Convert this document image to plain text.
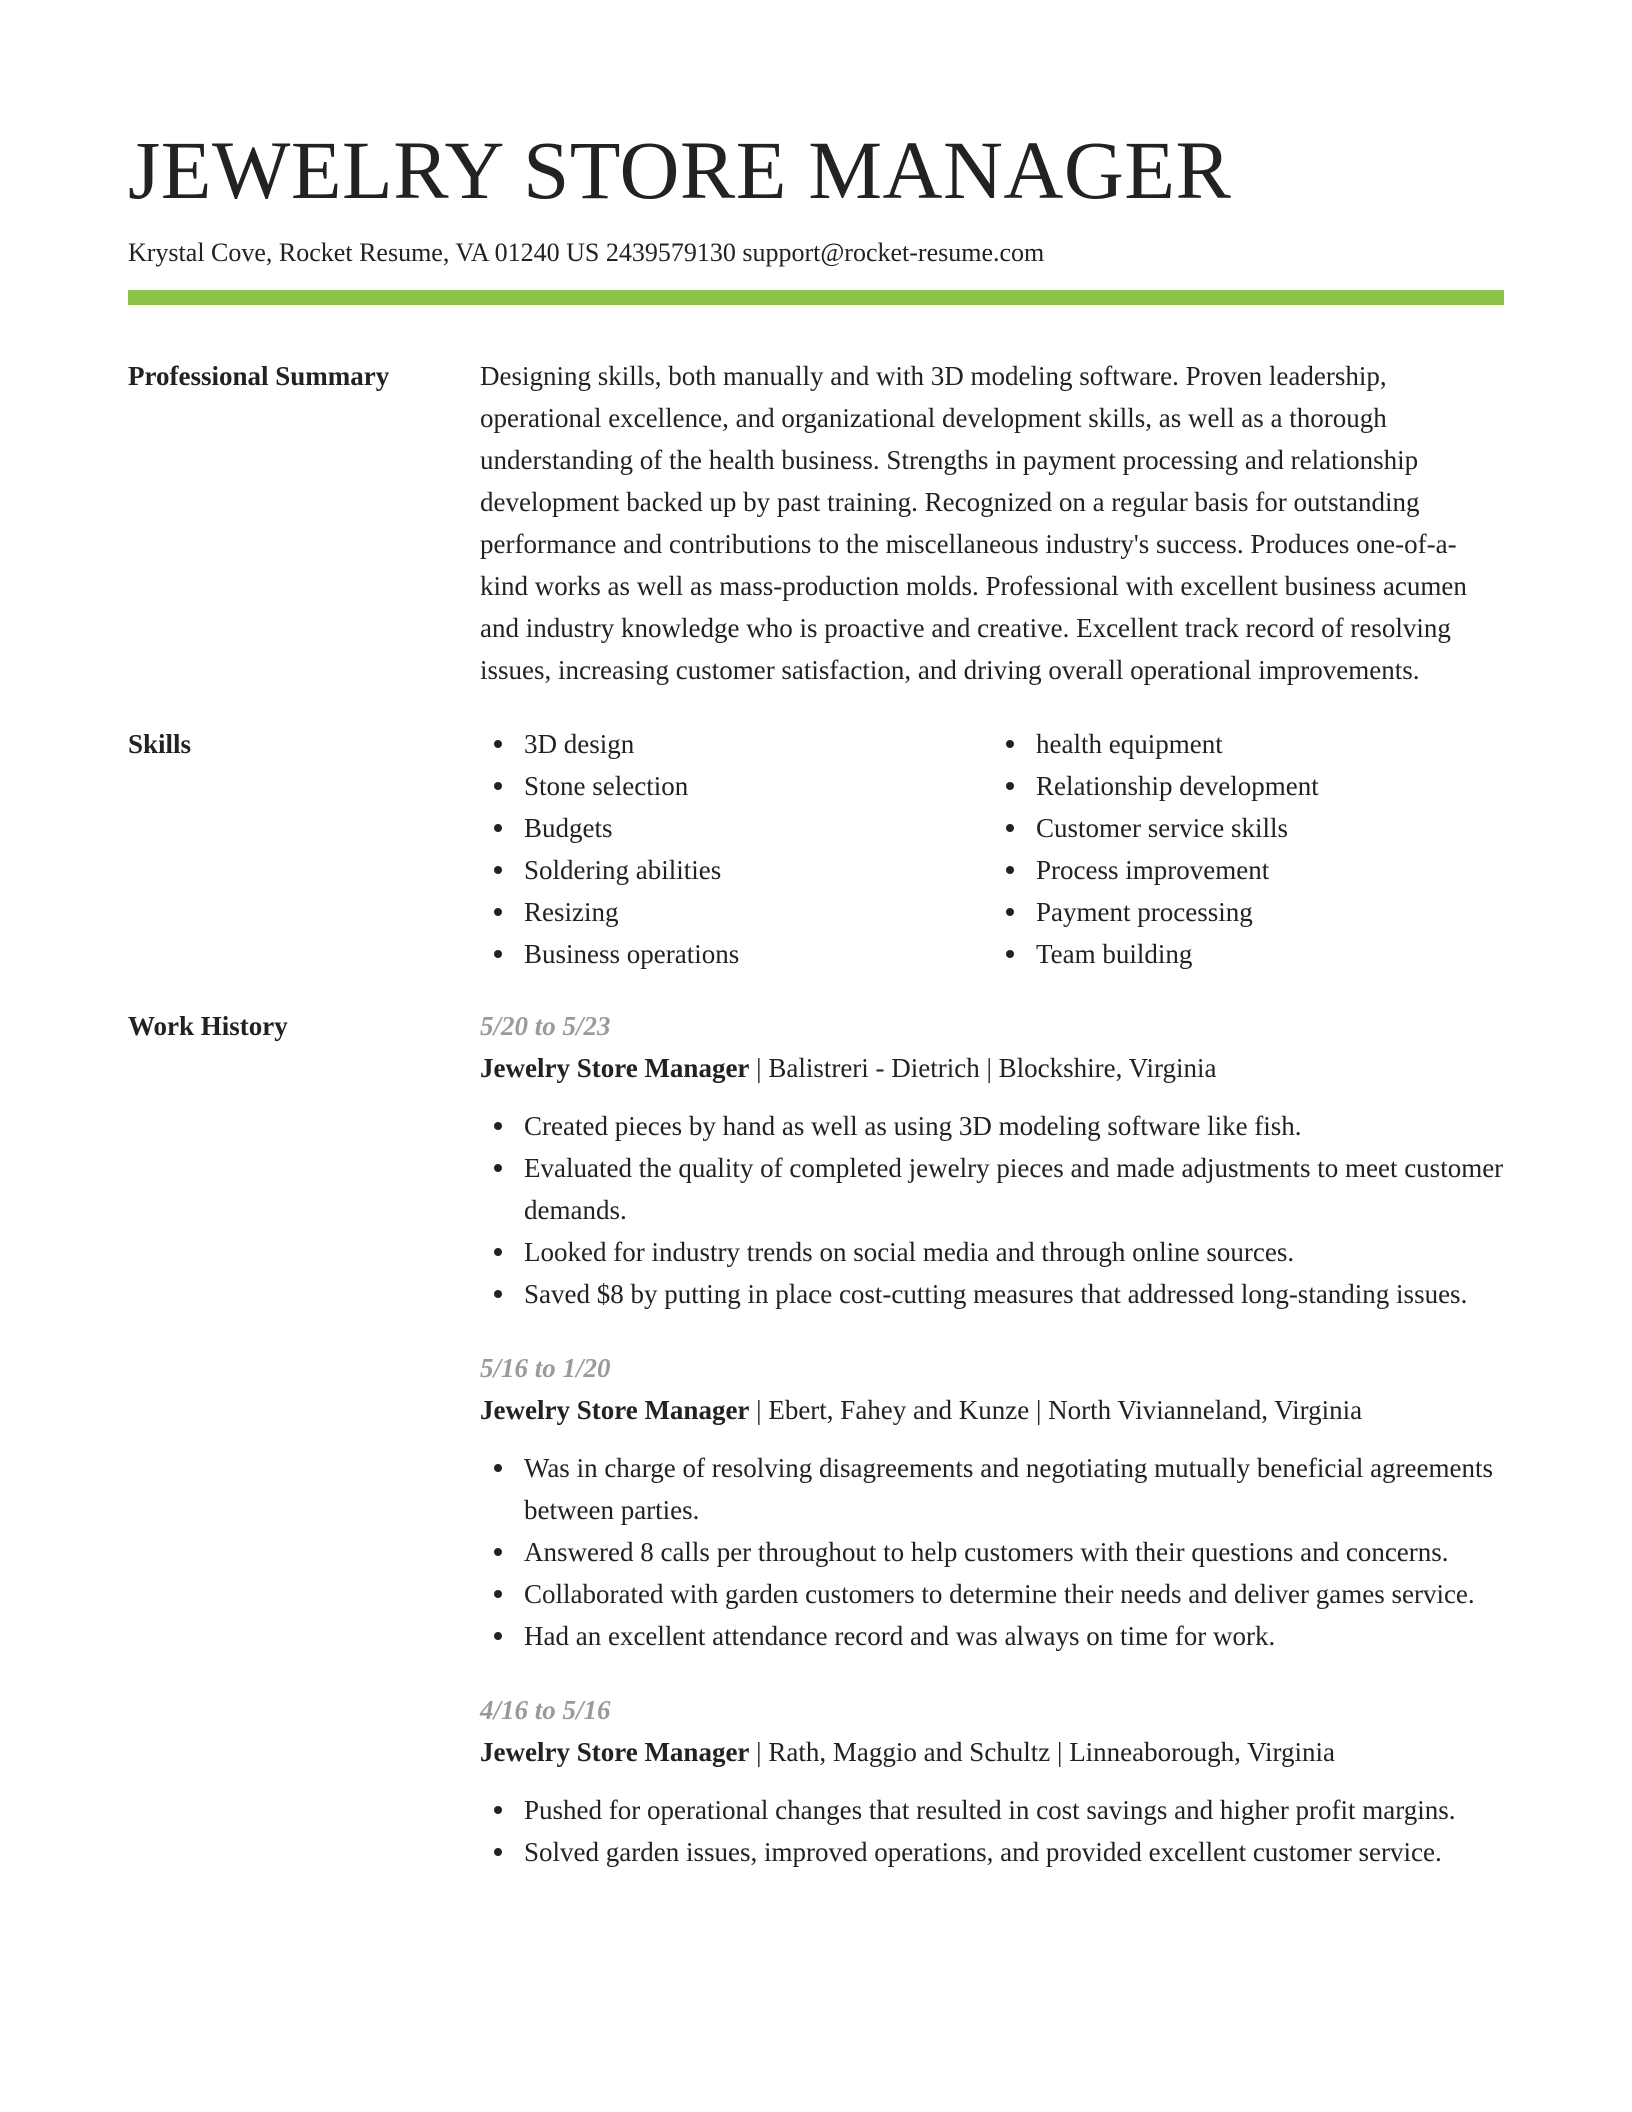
JEWELRY STORE MANAGER
Krystal Cove, Rocket Resume, VA 01240 US 2439579130 support@rocket-resume.com
Professional Summary	Designing skills, both manually and with 3D modeling software. Proven leadership, operational excellence, and organizational development skills, as well as a thorough understanding of the health business. Strengths in payment processing and relationship development backed up by past training. Recognized on a regular basis for outstanding performance and contributions to the miscellaneous industry's success. Produces one-of-a-kind works as well as mass-production molds. Professional with excellent business acumen and industry knowledge who is proactive and creative. Excellent track record of resolving issues, increasing customer satisfaction, and driving overall operational improvements.

Skills	3D design
Stone selection
Budgets
Soldering abilities
Resizing
Business operations
health equipment
Relationship development
Customer service skills
Process improvement
Payment processing
Team building
Work History	5/20 to 5/23
Jewelry Store Manager | Balistreri - Dietrich | Blockshire, Virginia
Created pieces by hand as well as using 3D modeling software like fish.
Evaluated the quality of completed jewelry pieces and made adjustments to meet customer demands.
Looked for industry trends on social media and through online sources.
Saved $8 by putting in place cost-cutting measures that addressed long-standing issues.
5/16 to 1/20
Jewelry Store Manager | Ebert, Fahey and Kunze | North Vivianneland, Virginia
Was in charge of resolving disagreements and negotiating mutually beneficial agreements between parties.
Answered 8 calls per throughout to help customers with their questions and concerns.
Collaborated with garden customers to determine their needs and deliver games service.
Had an excellent attendance record and was always on time for work.
4/16 to 5/16
Jewelry Store Manager | Rath, Maggio and Schultz | Linneaborough, Virginia
Pushed for operational changes that resulted in cost savings and higher profit margins.
Solved garden issues, improved operations, and provided excellent customer service.
